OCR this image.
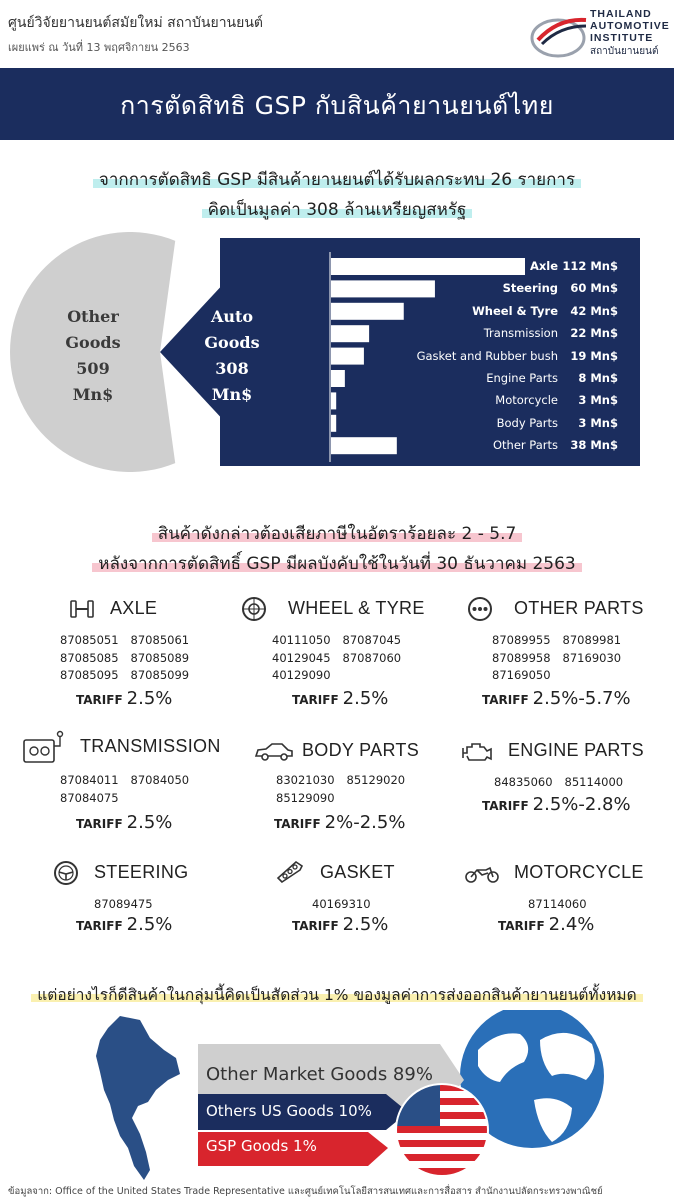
ศูนย์วิจัยยานยนต์สมัยใหม่ สถาบันยานยนต์
เผยแพร่ ณ วันที่ 13 พฤศจิกายน 2563
THAILAND
AUTOMOTIVE
INSTITUTE
สถาบันยานยนต์
การตัดสิทธิ GSP กับสินค้ายานยนต์ไทย
จากการตัดสิทธิ GSP มีสินค้ายานยนต์ได้รับผลกระทบ 26 รายการ
คิดเป็นมูลค่า 308 ล้านเหรียญสหรัฐ
Other
Goods
509
Mn$
Auto
Goods
308
Mn$
Axle 112 Mn$
Steering 60 Mn$
Wheel & Tyre 42 Mn$
Transmission 22 Mn$
Gasket and Rubber bush 19 Mn$
Engine Parts 8 Mn$
Motorcycle 3 Mn$
Body Parts 3 Mn$
Other Parts 38 Mn$
สินค้าดังกล่าวต้องเสียภาษีในอัตราร้อยละ 2 - 5.7
หลังจากการตัดสิทธิ์ GSP มีผลบังคับใช้ในวันที่ 30 ธันวาคม 2563
AXLE
87085051 87085061
87085085 87085089
87085095 87085099
TARIFF 2.5%
WHEEL & TYRE
40111050 87087045
40129045 87087060
40129090
TARIFF 2.5%
OTHER PARTS
87089955 87089981
87089958 87169030
87169050
TARIFF 2.5%-5.7%
TRANSMISSION
87084011 87084050
87084075
TARIFF 2.5%
BODY PARTS
83021030 85129020
85129090
TARIFF 2%-2.5%
ENGINE PARTS
84835060 85114000
TARIFF 2.5%-2.8%
STEERING
87089475
TARIFF 2.5%
GASKET
40169310
TARIFF 2.5%
MOTORCYCLE
87114060
TARIFF 2.4%
แต่อย่างไรก็ดีสินค้าในกลุ่มนี้คิดเป็นสัดส่วน 1% ของมูลค่าการส่งออกสินค้ายานยนต์ทั้งหมด
Other Market Goods 89%
Others US Goods 10%
GSP Goods 1%
ข้อมูลจาก: Office of the United States Trade Representative และศูนย์เทคโนโลยีสารสนเทศและการสื่อสาร สำนักงานปลัดกระทรวงพาณิชย์
